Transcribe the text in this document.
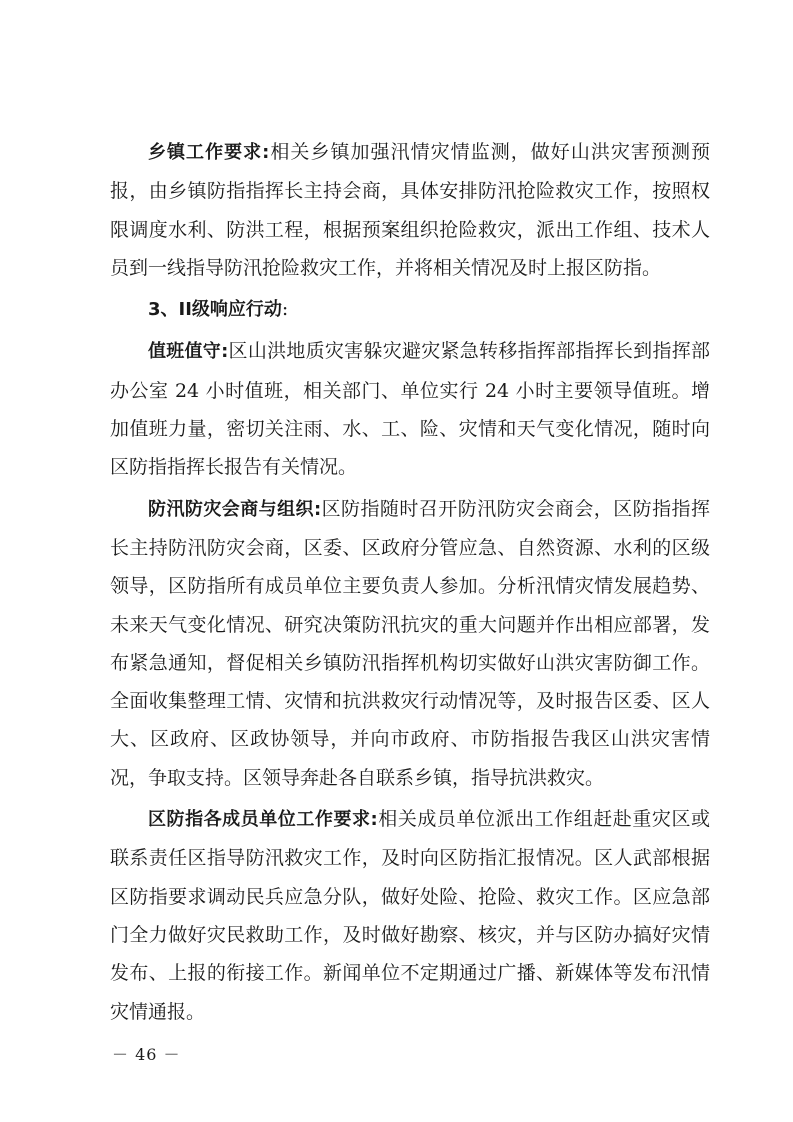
乡镇工作要求:相关乡镇加强汛情灾情监测，做好山洪灾害预测预报，由乡镇防指指挥长主持会商，具体安排防汛抢险救灾工作，按照权限调度水利、防洪工程，根据预案组织抢险救灾，派出工作组、技术人员到一线指导防汛抢险救灾工作，并将相关情况及时上报区防指。

3、II级响应行动:

值班值守:区山洪地质灾害躲灾避灾紧急转移指挥部指挥长到指挥部办公室 24 小时值班，相关部门、单位实行 24 小时主要领导值班。增加值班力量，密切关注雨、水、工、险、灾情和天气变化情况，随时向区防指指挥长报告有关情况。

防汛防灾会商与组织:区防指随时召开防汛防灾会商会，区防指指挥长主持防汛防灾会商，区委、区政府分管应急、自然资源、水利的区级领导，区防指所有成员单位主要负责人参加。分析汛情灾情发展趋势、未来天气变化情况、研究决策防汛抗灾的重大问题并作出相应部署，发布紧急通知，督促相关乡镇防汛指挥机构切实做好山洪灾害防御工作。全面收集整理工情、灾情和抗洪救灾行动情况等，及时报告区委、区人大、区政府、区政协领导，并向市政府、市防指报告我区山洪灾害情况，争取支持。区领导奔赴各自联系乡镇，指导抗洪救灾。

区防指各成员单位工作要求:相关成员单位派出工作组赶赴重灾区或联系责任区指导防汛救灾工作，及时向区防指汇报情况。区人武部根据区防指要求调动民兵应急分队，做好处险、抢险、救灾工作。区应急部门全力做好灾民救助工作，及时做好勘察、核灾，并与区防办搞好灾情发布、上报的衔接工作。新闻单位不定期通过广播、新媒体等发布汛情灾情通报。

－ 46 －
